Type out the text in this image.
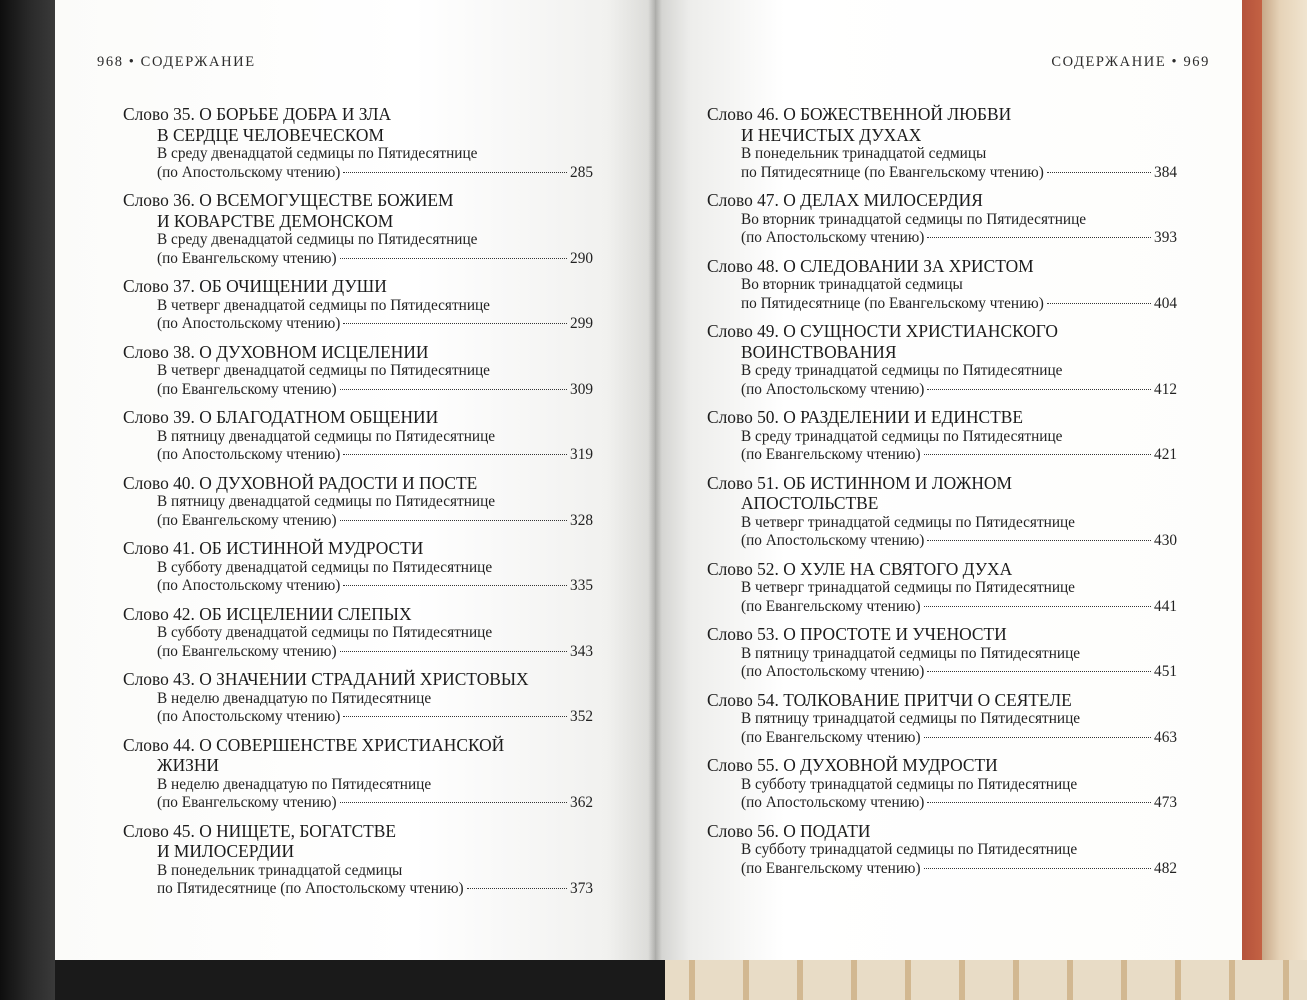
968 • СОДЕРЖАНИЕ
Слово 35. О БОРЬБЕ ДОБРА И ЗЛА
В СЕРДЦЕ ЧЕЛОВЕЧЕСКОМ
В среду двенадцатой седмицы по Пятидесятнице
(по Апостольскому чтению)	285
Слово 36. О ВСЕМОГУЩЕСТВЕ БОЖИЕМ
И КОВАРСТВЕ ДЕМОНСКОМ
В среду двенадцатой седмицы по Пятидесятнице
(по Евангельскому чтению)	290
Слово 37. ОБ ОЧИЩЕНИИ ДУШИ
В четверг двенадцатой седмицы по Пятидесятнице
(по Апостольскому чтению)	299
Слово 38. О ДУХОВНОМ ИСЦЕЛЕНИИ
В четверг двенадцатой седмицы по Пятидесятнице
(по Евангельскому чтению)	309
Слово 39. О БЛАГОДАТНОМ ОБЩЕНИИ
В пятницу двенадцатой седмицы по Пятидесятнице
(по Апостольскому чтению)	319
Слово 40. О ДУХОВНОЙ РАДОСТИ И ПОСТЕ
В пятницу двенадцатой седмицы по Пятидесятнице
(по Евангельскому чтению)	328
Слово 41. ОБ ИСТИННОЙ МУДРОСТИ
В субботу двенадцатой седмицы по Пятидесятнице
(по Апостольскому чтению)	335
Слово 42. ОБ ИСЦЕЛЕНИИ СЛЕПЫХ
В субботу двенадцатой седмицы по Пятидесятнице
(по Евангельскому чтению)	343
Слово 43. О ЗНАЧЕНИИ СТРАДАНИЙ ХРИСТОВЫХ
В неделю двенадцатую по Пятидесятнице
(по Апостольскому чтению)	352
Слово 44. О СОВЕРШЕНСТВЕ ХРИСТИАНСКОЙ
ЖИЗНИ
В неделю двенадцатую по Пятидесятнице
(по Евангельскому чтению)	362
Слово 45. О НИЩЕТЕ, БОГАТСТВЕ
И МИЛОСЕРДИИ
В понедельник тринадцатой седмицы
по Пятидесятнице (по Апостольскому чтению)	373
СОДЕРЖАНИЕ • 969
Слово 46. О БОЖЕСТВЕННОЙ ЛЮБВИ
И НЕЧИСТЫХ ДУХАХ
В понедельник тринадцатой седмицы
по Пятидесятнице (по Евангельскому чтению)	384
Слово 47. О ДЕЛАХ МИЛОСЕРДИЯ
Во вторник тринадцатой седмицы по Пятидесятнице
(по Апостольскому чтению)	393
Слово 48. О СЛЕДОВАНИИ ЗА ХРИСТОМ
Во вторник тринадцатой седмицы
по Пятидесятнице (по Евангельскому чтению)	404
Слово 49. О СУЩНОСТИ ХРИСТИАНСКОГО
ВОИНСТВОВАНИЯ
В среду тринадцатой седмицы по Пятидесятнице
(по Апостольскому чтению)	412
Слово 50. О РАЗДЕЛЕНИИ И ЕДИНСТВЕ
В среду тринадцатой седмицы по Пятидесятнице
(по Евангельскому чтению)	421
Слово 51. ОБ ИСТИННОМ И ЛОЖНОМ
АПОСТОЛЬСТВЕ
В четверг тринадцатой седмицы по Пятидесятнице
(по Апостольскому чтению)	430
Слово 52. О ХУЛЕ НА СВЯТОГО ДУХА
В четверг тринадцатой седмицы по Пятидесятнице
(по Евангельскому чтению)	441
Слово 53. О ПРОСТОТЕ И УЧЕНОСТИ
В пятницу тринадцатой седмицы по Пятидесятнице
(по Апостольскому чтению)	451
Слово 54. ТОЛКОВАНИЕ ПРИТЧИ О СЕЯТЕЛЕ
В пятницу тринадцатой седмицы по Пятидесятнице
(по Евангельскому чтению)	463
Слово 55. О ДУХОВНОЙ МУДРОСТИ
В субботу тринадцатой седмицы по Пятидесятнице
(по Апостольскому чтению)	473
Слово 56. О ПОДАТИ
В субботу тринадцатой седмицы по Пятидесятнице
(по Евангельскому чтению)	482
